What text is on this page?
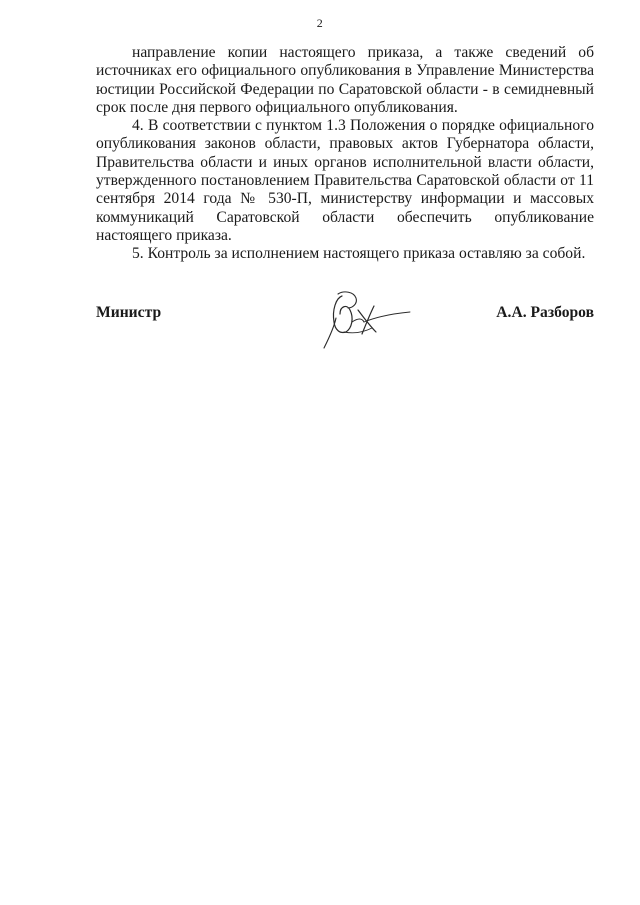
2

направление копии настоящего приказа, а также сведений об источниках его официального опубликования в Управление Министерства юстиции Российской Федерации по Саратовской области - в семидневный срок после дня первого официального опубликования.

4. В соответствии с пунктом 1.3 Положения о порядке официального опубликования законов области, правовых актов Губернатора области, Правительства области и иных органов исполнительной власти области, утвержденного постановлением Правительства Саратовской области от 11 сентября 2014 года № 530-П, министерству информации и массовых коммуникаций Саратовской области обеспечить опубликование настоящего приказа.

5. Контроль за исполнением настоящего приказа оставляю за собой.

Министр	А.А. Разборов
